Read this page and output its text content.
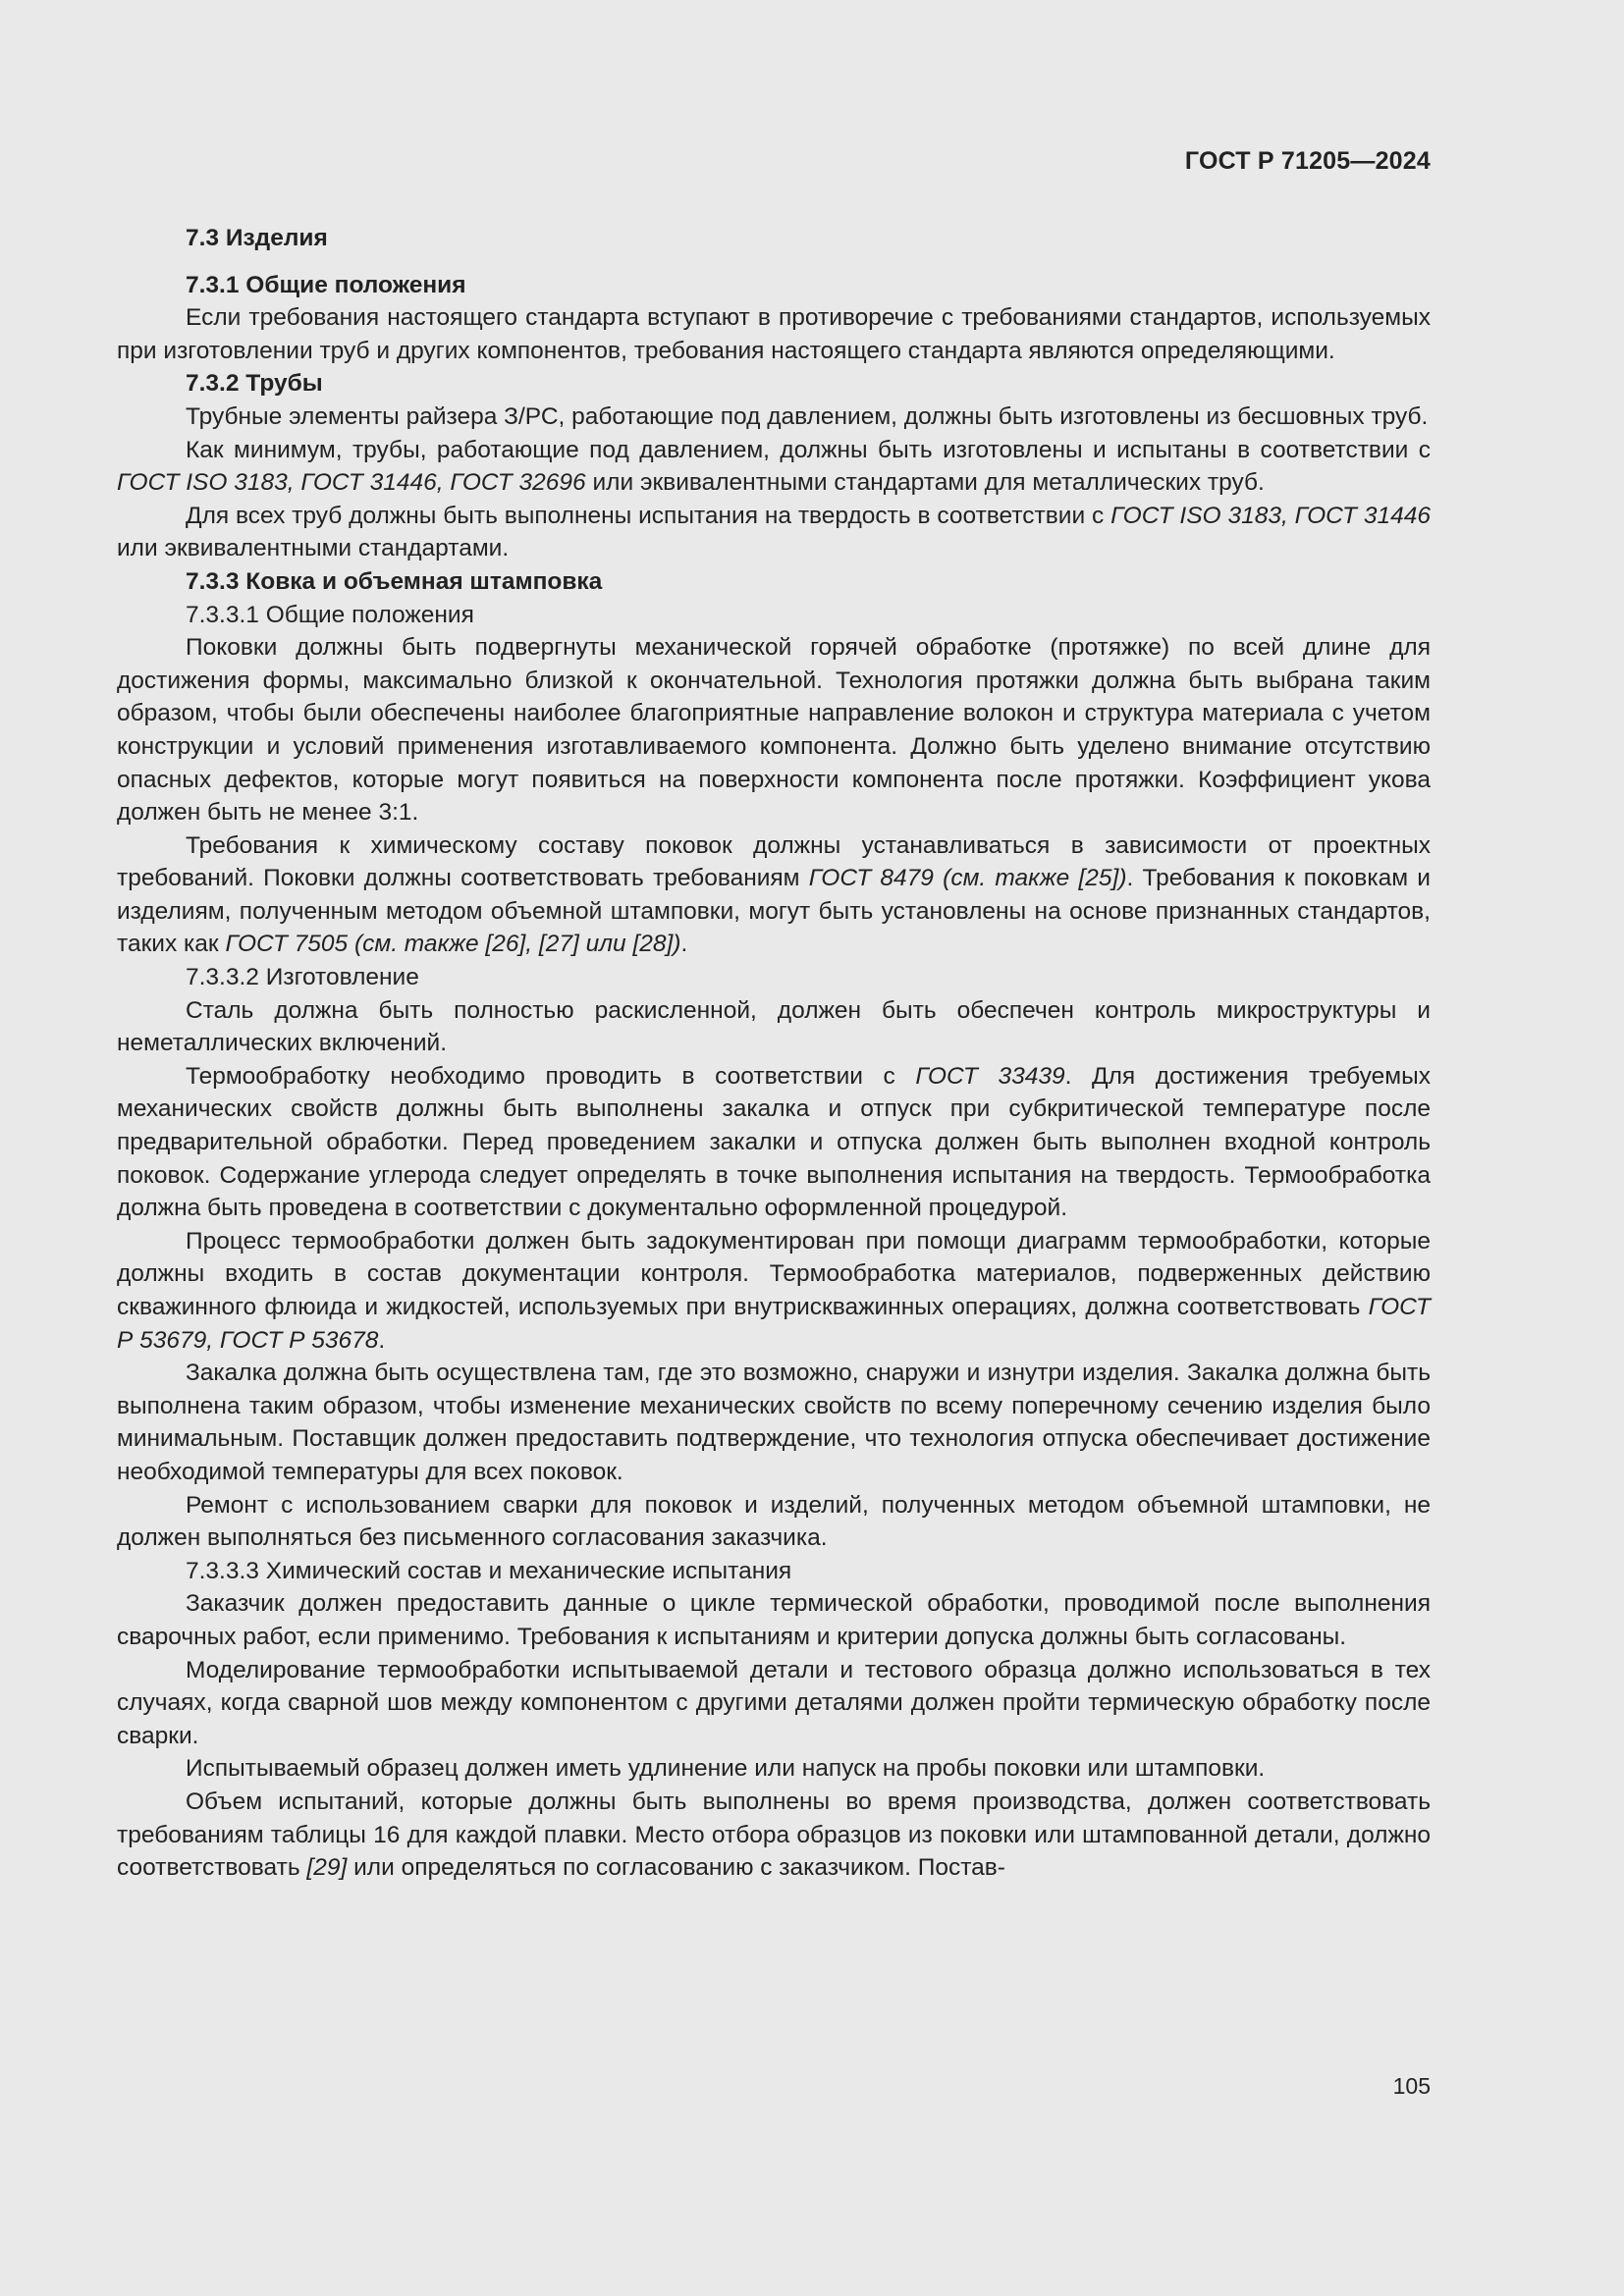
ГОСТ Р 71205—2024

7.3 Изделия

7.3.1 Общие положения

Если требования настоящего стандарта вступают в противоречие с требованиями стандартов, используемых при изготовлении труб и других компонентов, требования настоящего стандарта являются определяющими.

7.3.2 Трубы

Трубные элементы райзера З/РС, работающие под давлением, должны быть изготовлены из бесшовных труб.

Как минимум, трубы, работающие под давлением, должны быть изготовлены и испытаны в соответствии с ГОСТ ISO 3183, ГОСТ 31446, ГОСТ 32696 или эквивалентными стандартами для металлических труб.

Для всех труб должны быть выполнены испытания на твердость в соответствии с ГОСТ ISO 3183, ГОСТ 31446 или эквивалентными стандартами.

7.3.3 Ковка и объемная штамповка

7.3.3.1 Общие положения

Поковки должны быть подвергнуты механической горячей обработке (протяжке) по всей длине для достижения формы, максимально близкой к окончательной. Технология протяжки должна быть выбрана таким образом, чтобы были обеспечены наиболее благоприятные направление волокон и структура материала с учетом конструкции и условий применения изготавливаемого компонента. Должно быть уделено внимание отсутствию опасных дефектов, которые могут появиться на поверхности компонента после протяжки. Коэффициент укова должен быть не менее 3:1.

Требования к химическому составу поковок должны устанавливаться в зависимости от проектных требований. Поковки должны соответствовать требованиям ГОСТ 8479 (см. также [25]). Требования к поковкам и изделиям, полученным методом объемной штамповки, могут быть установлены на основе признанных стандартов, таких как ГОСТ 7505 (см. также [26], [27] или [28]).

7.3.3.2 Изготовление

Сталь должна быть полностью раскисленной, должен быть обеспечен контроль микроструктуры и неметаллических включений.

Термообработку необходимо проводить в соответствии с ГОСТ 33439. Для достижения требуемых механических свойств должны быть выполнены закалка и отпуск при субкритической температуре после предварительной обработки. Перед проведением закалки и отпуска должен быть выполнен входной контроль поковок. Содержание углерода следует определять в точке выполнения испытания на твердость. Термообработка должна быть проведена в соответствии с документально оформленной процедурой.

Процесс термообработки должен быть задокументирован при помощи диаграмм термообработки, которые должны входить в состав документации контроля. Термообработка материалов, подверженных действию скважинного флюида и жидкостей, используемых при внутрискважинных операциях, должна соответствовать ГОСТ Р 53679, ГОСТ Р 53678.

Закалка должна быть осуществлена там, где это возможно, снаружи и изнутри изделия. Закалка должна быть выполнена таким образом, чтобы изменение механических свойств по всему поперечному сечению изделия было минимальным. Поставщик должен предоставить подтверждение, что технология отпуска обеспечивает достижение необходимой температуры для всех поковок.

Ремонт с использованием сварки для поковок и изделий, полученных методом объемной штамповки, не должен выполняться без письменного согласования заказчика.

7.3.3.3 Химический состав и механические испытания

Заказчик должен предоставить данные о цикле термической обработки, проводимой после выполнения сварочных работ, если применимо. Требования к испытаниям и критерии допуска должны быть согласованы.

Моделирование термообработки испытываемой детали и тестового образца должно использоваться в тех случаях, когда сварной шов между компонентом с другими деталями должен пройти термическую обработку после сварки.

Испытываемый образец должен иметь удлинение или напуск на пробы поковки или штамповки.

Объем испытаний, которые должны быть выполнены во время производства, должен соответствовать требованиям таблицы 16 для каждой плавки. Место отбора образцов из поковки или штампованной детали, должно соответствовать [29] или определяться по согласованию с заказчиком. Постав-

105
